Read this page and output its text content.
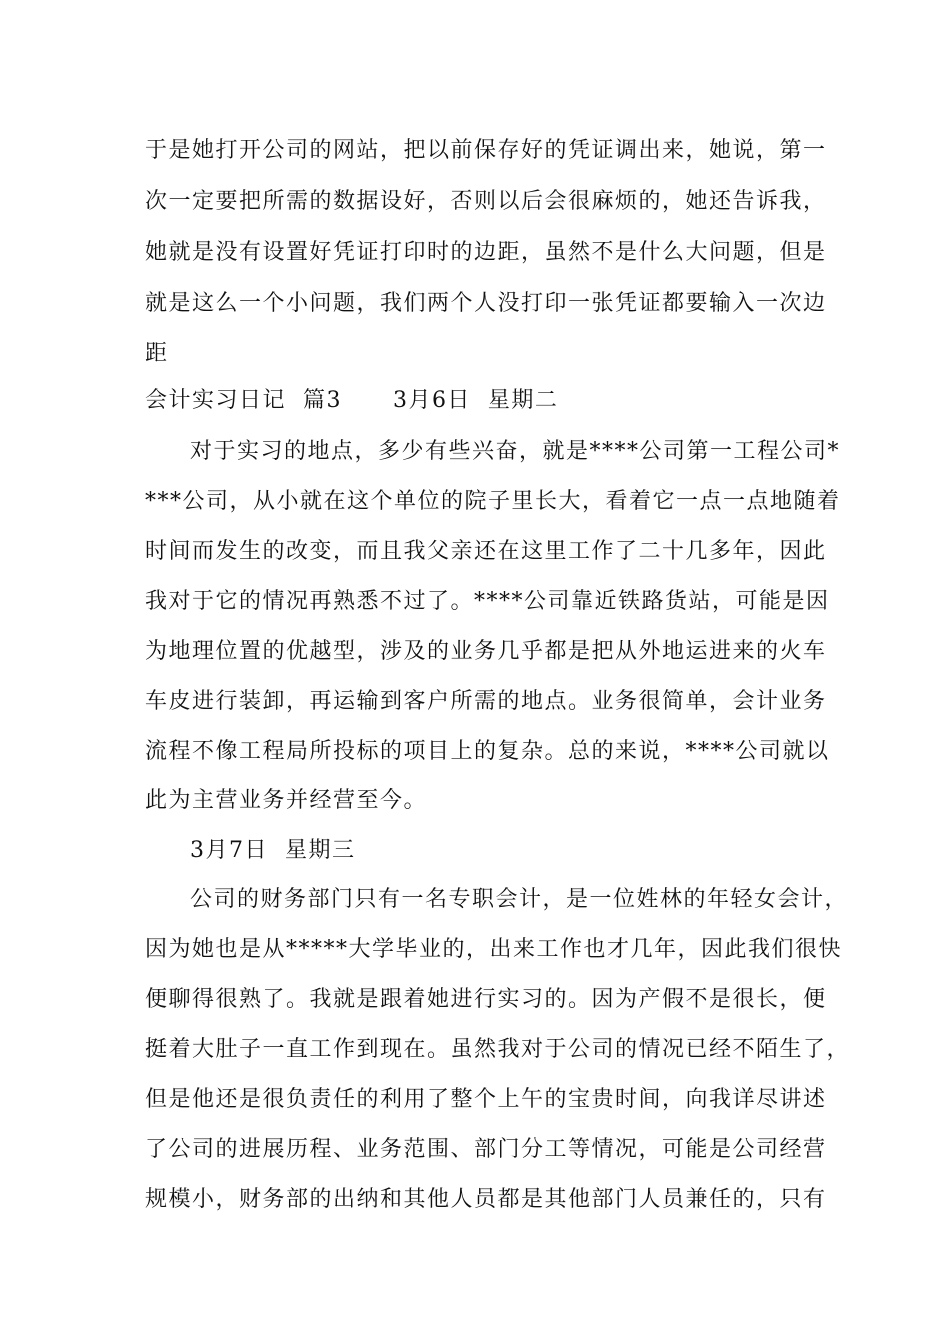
于是她打开公司的网站，把以前保存好的凭证调出来，她说，第一
次一定要把所需的数据设好，否则以后会很麻烦的，她还告诉我，
她就是没有设置好凭证打印时的边距，虽然不是什么大问题，但是
就是这么一个小问题，我们两个人没打印一张凭证都要输入一次边
距
会计实习日记  篇3      3月6日  星期二
对于实习的地点，多少有些兴奋，就是****公司第一工程公司*
***公司，从小就在这个单位的院子里长大，看着它一点一点地随着
时间而发生的改变，而且我父亲还在这里工作了二十几多年，因此
我对于它的情况再熟悉不过了。****公司靠近铁路货站，可能是因
为地理位置的优越型，涉及的业务几乎都是把从外地运进来的火车
车皮进行装卸，再运输到客户所需的地点。业务很简单，会计业务
流程不像工程局所投标的项目上的复杂。总的来说，****公司就以
此为主营业务并经营至今。
3月7日  星期三
公司的财务部门只有一名专职会计，是一位姓林的年轻女会计，
因为她也是从*****大学毕业的，出来工作也才几年，因此我们很快
便聊得很熟了。我就是跟着她进行实习的。因为产假不是很长，便
挺着大肚子一直工作到现在。虽然我对于公司的情况已经不陌生了，
但是他还是很负责任的利用了整个上午的宝贵时间，向我详尽讲述
了公司的进展历程、业务范围、部门分工等情况，可能是公司经营
规模小，财务部的出纳和其他人员都是其他部门人员兼任的，只有
